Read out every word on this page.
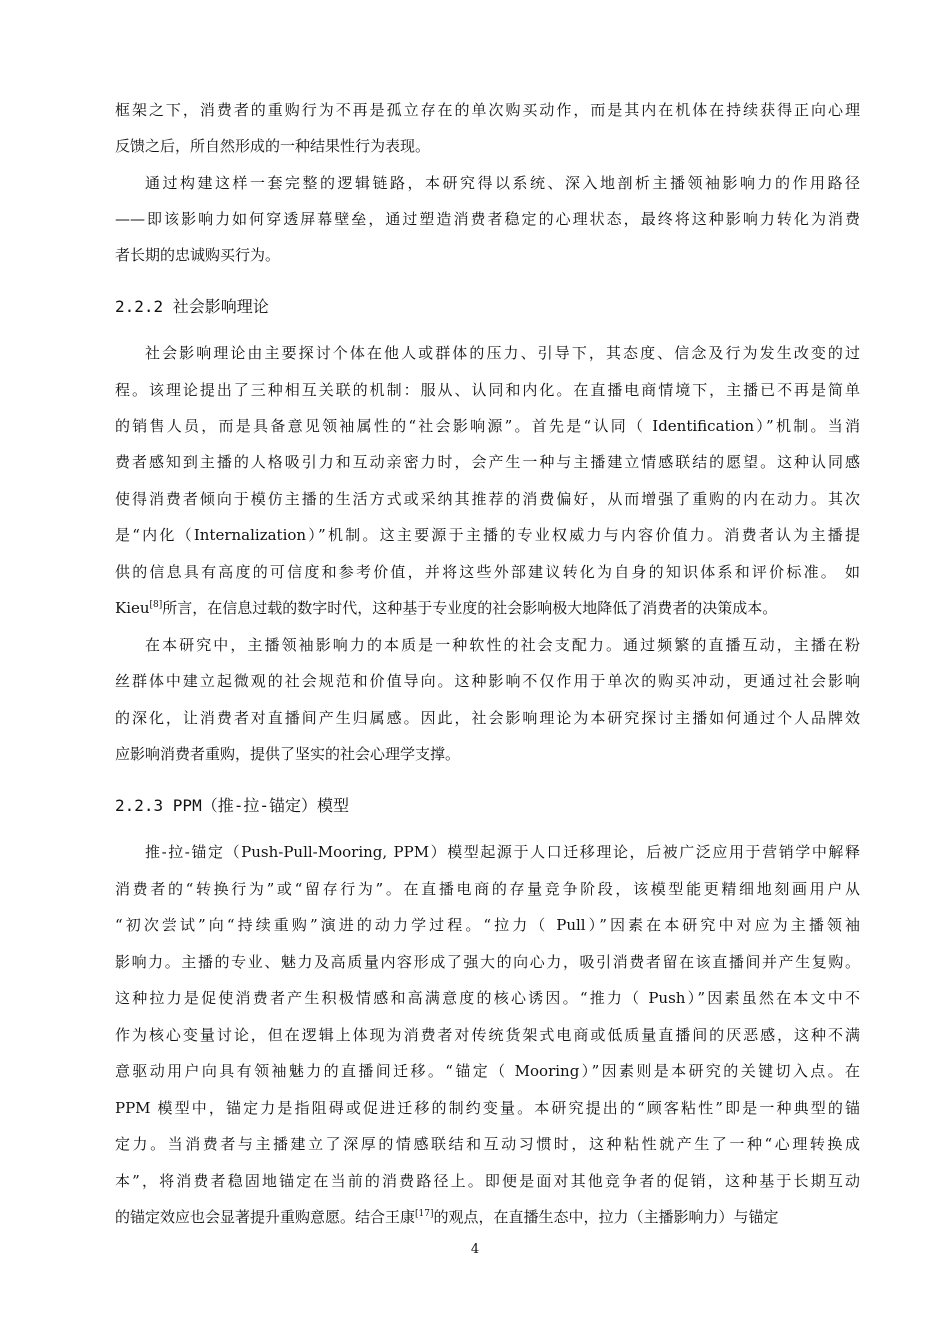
框架之下，消费者的重购行为不再是孤立存在的单次购买动作，而是其内在机体在持续获得正向心理
反馈之后，所自然形成的一种结果性行为表现。
通过构建这样一套完整的逻辑链路，本研究得以系统、深入地剖析主播领袖影响力的作用路径
——即该影响力如何穿透屏幕壁垒，通过塑造消费者稳定的心理状态，最终将这种影响力转化为消费
者长期的忠诚购买行为。
2.2.2 社会影响理论
社会影响理论由主要探讨个体在他人或群体的压力、引导下，其态度、信念及行为发生改变的过
程。该理论提出了三种相互关联的机制：服从、认同和内化。在直播电商情境下，主播已不再是简单
的销售人员，而是具备意见领袖属性的“社会影响源”。首先是“认同（ Identification）”机制。当消
费者感知到主播的人格吸引力和互动亲密力时，会产生一种与主播建立情感联结的愿望。这种认同感
使得消费者倾向于模仿主播的生活方式或采纳其推荐的消费偏好，从而增强了重购的内在动力。其次
是“内化（Internalization）”机制。这主要源于主播的专业权威力与内容价值力。消费者认为主播提
供的信息具有高度的可信度和参考价值，并将这些外部建议转化为自身的知识体系和评价标准。 如
Kieu[8]所言，在信息过载的数字时代，这种基于专业度的社会影响极大地降低了消费者的决策成本。
在本研究中，主播领袖影响力的本质是一种软性的社会支配力。通过频繁的直播互动，主播在粉
丝群体中建立起微观的社会规范和价值导向。这种影响不仅作用于单次的购买冲动，更通过社会影响
的深化，让消费者对直播间产生归属感。因此，社会影响理论为本研究探讨主播如何通过个人品牌效
应影响消费者重购，提供了坚实的社会心理学支撑。
2.2.3 PPM（推-拉-锚定）模型
推-拉-锚定（Push-Pull-Mooring, PPM）模型起源于人口迁移理论，后被广泛应用于营销学中解释
消费者的“转换行为”或“留存行为”。在直播电商的存量竞争阶段，该模型能更精细地刻画用户从
“初次尝试”向“持续重购”演进的动力学过程。“拉力（ Pull）”因素在本研究中对应为主播领袖
影响力。主播的专业、魅力及高质量内容形成了强大的向心力，吸引消费者留在该直播间并产生复购。
这种拉力是促使消费者产生积极情感和高满意度的核心诱因。“推力（ Push）”因素虽然在本文中不
作为核心变量讨论，但在逻辑上体现为消费者对传统货架式电商或低质量直播间的厌恶感，这种不满
意驱动用户向具有领袖魅力的直播间迁移。“锚定（ Mooring）”因素则是本研究的关键切入点。在
PPM 模型中，锚定力是指阻碍或促进迁移的制约变量。本研究提出的“顾客粘性”即是一种典型的锚
定力。当消费者与主播建立了深厚的情感联结和互动习惯时，这种粘性就产生了一种“心理转换成
本”，将消费者稳固地锚定在当前的消费路径上。即便是面对其他竞争者的促销，这种基于长期互动
的锚定效应也会显著提升重购意愿。结合王康[17]的观点，在直播生态中，拉力（主播影响力）与锚定
4
